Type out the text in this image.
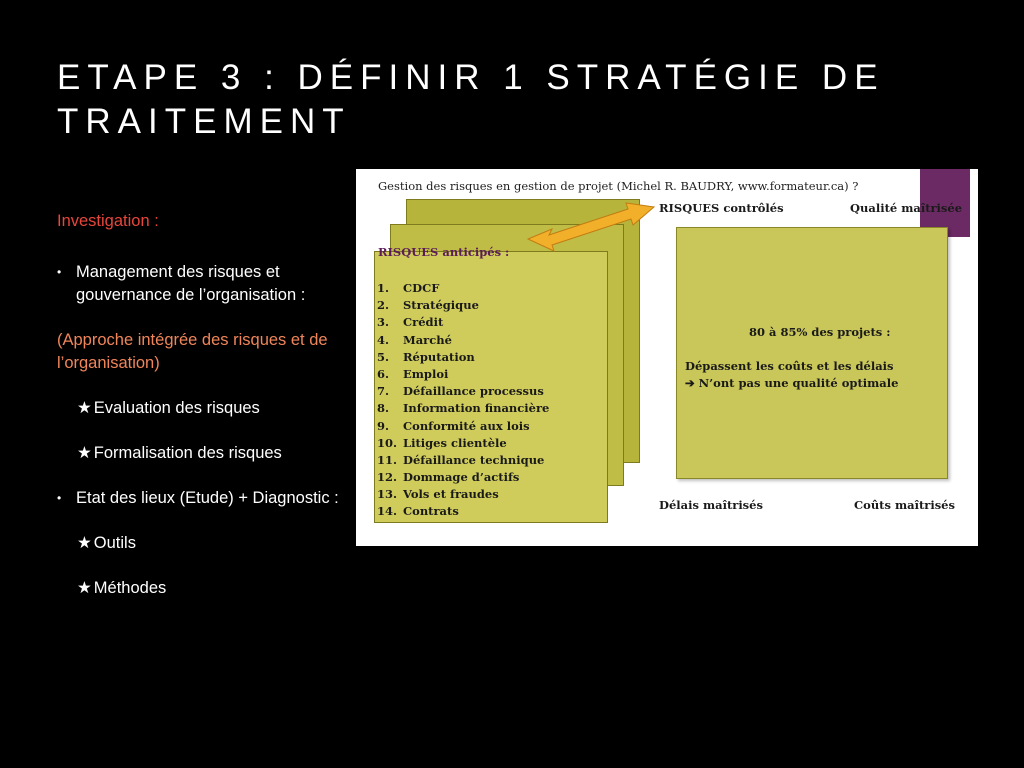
ETAPE 3 : DÉFINIR 1 STRATÉGIE DE TRAITEMENT

Investigation :

• Management des risques et gouvernance de l’organisation :

(Approche intégrée des risques et de l’organisation)

★ Evaluation des risques
★ Formalisation des risques
• Etat des lieux (Etude) + Diagnostic :
★ Outils
★ Méthodes
Gestion des risques en gestion de projet (Michel R. BAUDRY, www.formateur.ca) ?
RISQUES anticipés :
1. CDCF
2. Stratégique
3. Crédit
4. Marché
5. Réputation
6. Emploi
7. Défaillance processus
8. Information financière
9. Conformité aux lois
10. Litiges clientèle
11. Défaillance technique
12. Dommage d’actifs
13. Vols et fraudes
14. Contrats
RISQUES contrôlés	Qualité maîtrisée
80 à 85% des projets :
Dépassent les coûts et les délais
➔ N’ont pas une qualité optimale
Délais maîtrisés	Coûts maîtrisés
